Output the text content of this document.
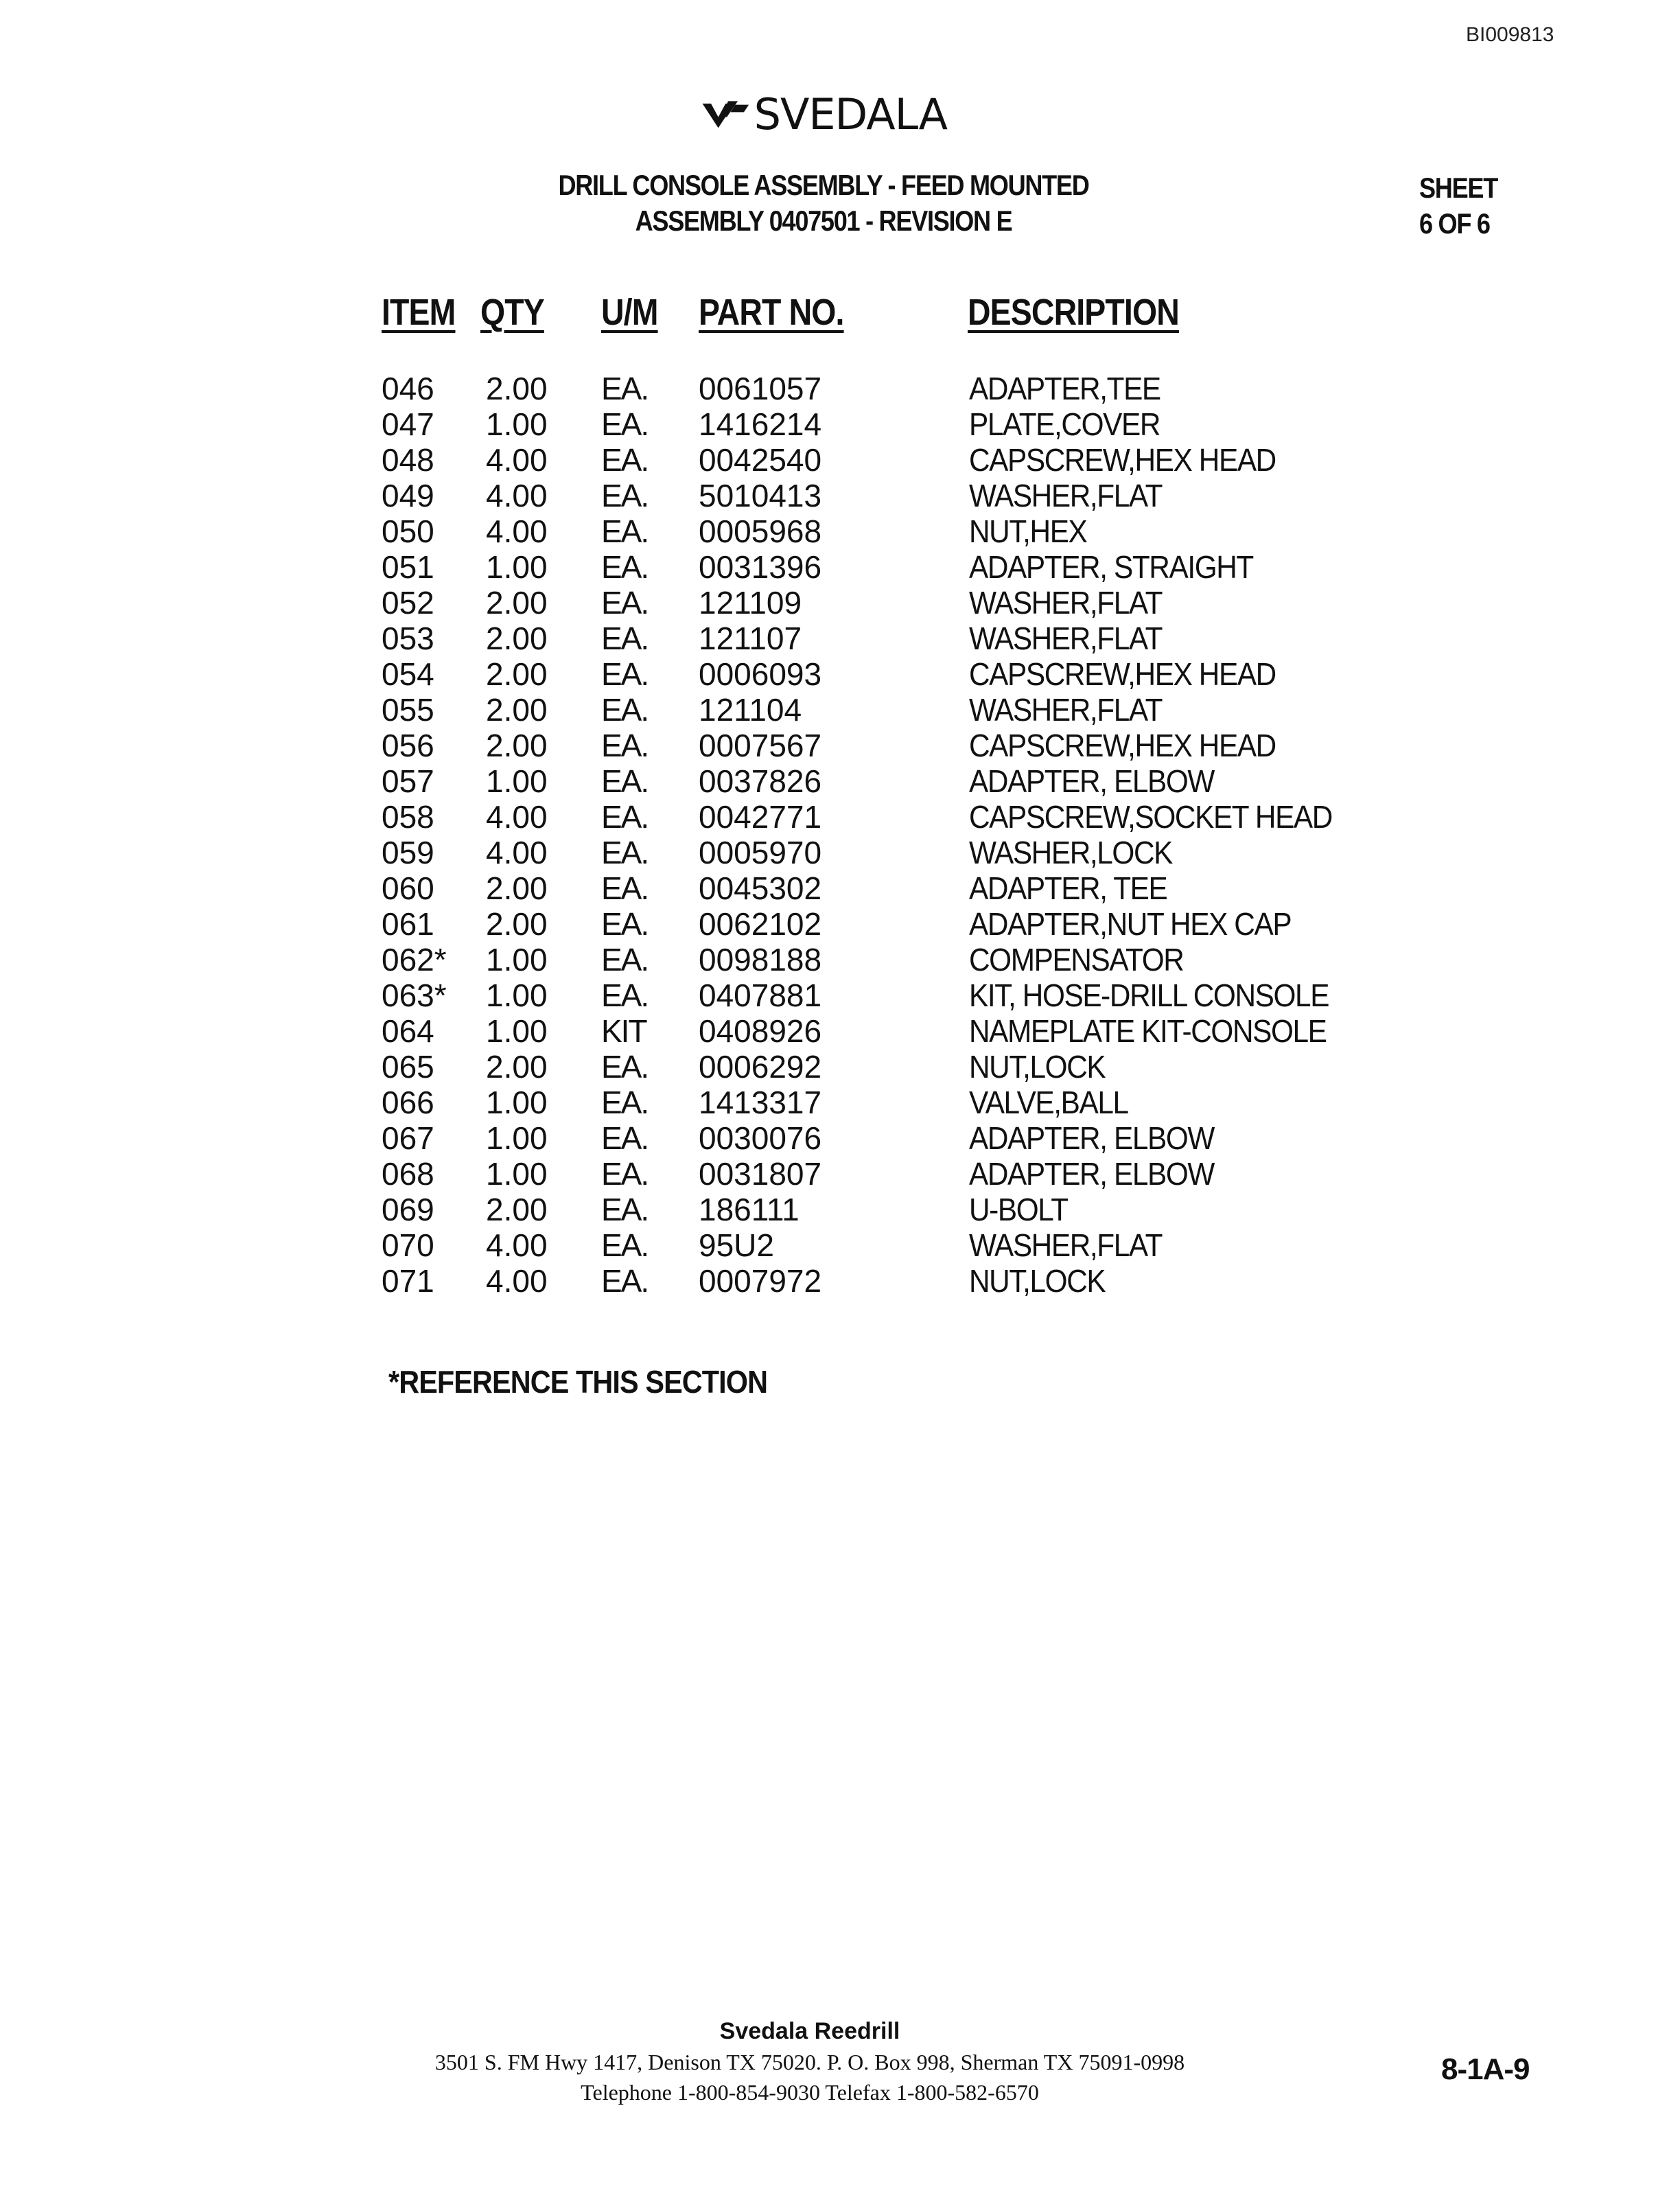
BI009813
SVEDALA
DRILL CONSOLE ASSEMBLY - FEED MOUNTED
ASSEMBLY 0407501 - REVISION E
SHEET
6 OF 6
ITEM QTY U/M PART NO.	DESCRIPTION
046 2.00 EA. 0061057	ADAPTER,TEE
047 1.00 EA. 1416214	PLATE,COVER
048 4.00 EA. 0042540	CAPSCREW,HEX HEAD
049 4.00 EA. 5010413	WASHER,FLAT
050 4.00 EA. 0005968	NUT,HEX
051 1.00 EA. 0031396	ADAPTER, STRAIGHT
052 2.00 EA. 121109	WASHER,FLAT
053 2.00 EA. 121107	WASHER,FLAT
054 2.00 EA. 0006093	CAPSCREW,HEX HEAD
055 2.00 EA. 121104	WASHER,FLAT
056 2.00 EA. 0007567	CAPSCREW,HEX HEAD
057 1.00 EA. 0037826	ADAPTER, ELBOW
058 4.00 EA. 0042771	CAPSCREW,SOCKET HEAD
059 4.00 EA. 0005970	WASHER,LOCK
060 2.00 EA. 0045302	ADAPTER, TEE
061 2.00 EA. 0062102	ADAPTER,NUT HEX CAP
062* 1.00 EA. 0098188	COMPENSATOR
063* 1.00 EA. 0407881	KIT, HOSE-DRILL CONSOLE
064 1.00 KIT 0408926	NAMEPLATE KIT-CONSOLE
065 2.00 EA. 0006292	NUT,LOCK
066 1.00 EA. 1413317	VALVE,BALL
067 1.00 EA. 0030076	ADAPTER, ELBOW
068 1.00 EA. 0031807	ADAPTER, ELBOW
069 2.00 EA. 186111	U-BOLT
070 4.00 EA. 95U2	WASHER,FLAT
071 4.00 EA. 0007972	NUT,LOCK
*REFERENCE THIS SECTION
Svedala Reedrill
3501 S. FM Hwy 1417, Denison TX 75020. P. O. Box 998, Sherman TX 75091-0998
Telephone 1-800-854-9030 Telefax 1-800-582-6570
8-1A-9
